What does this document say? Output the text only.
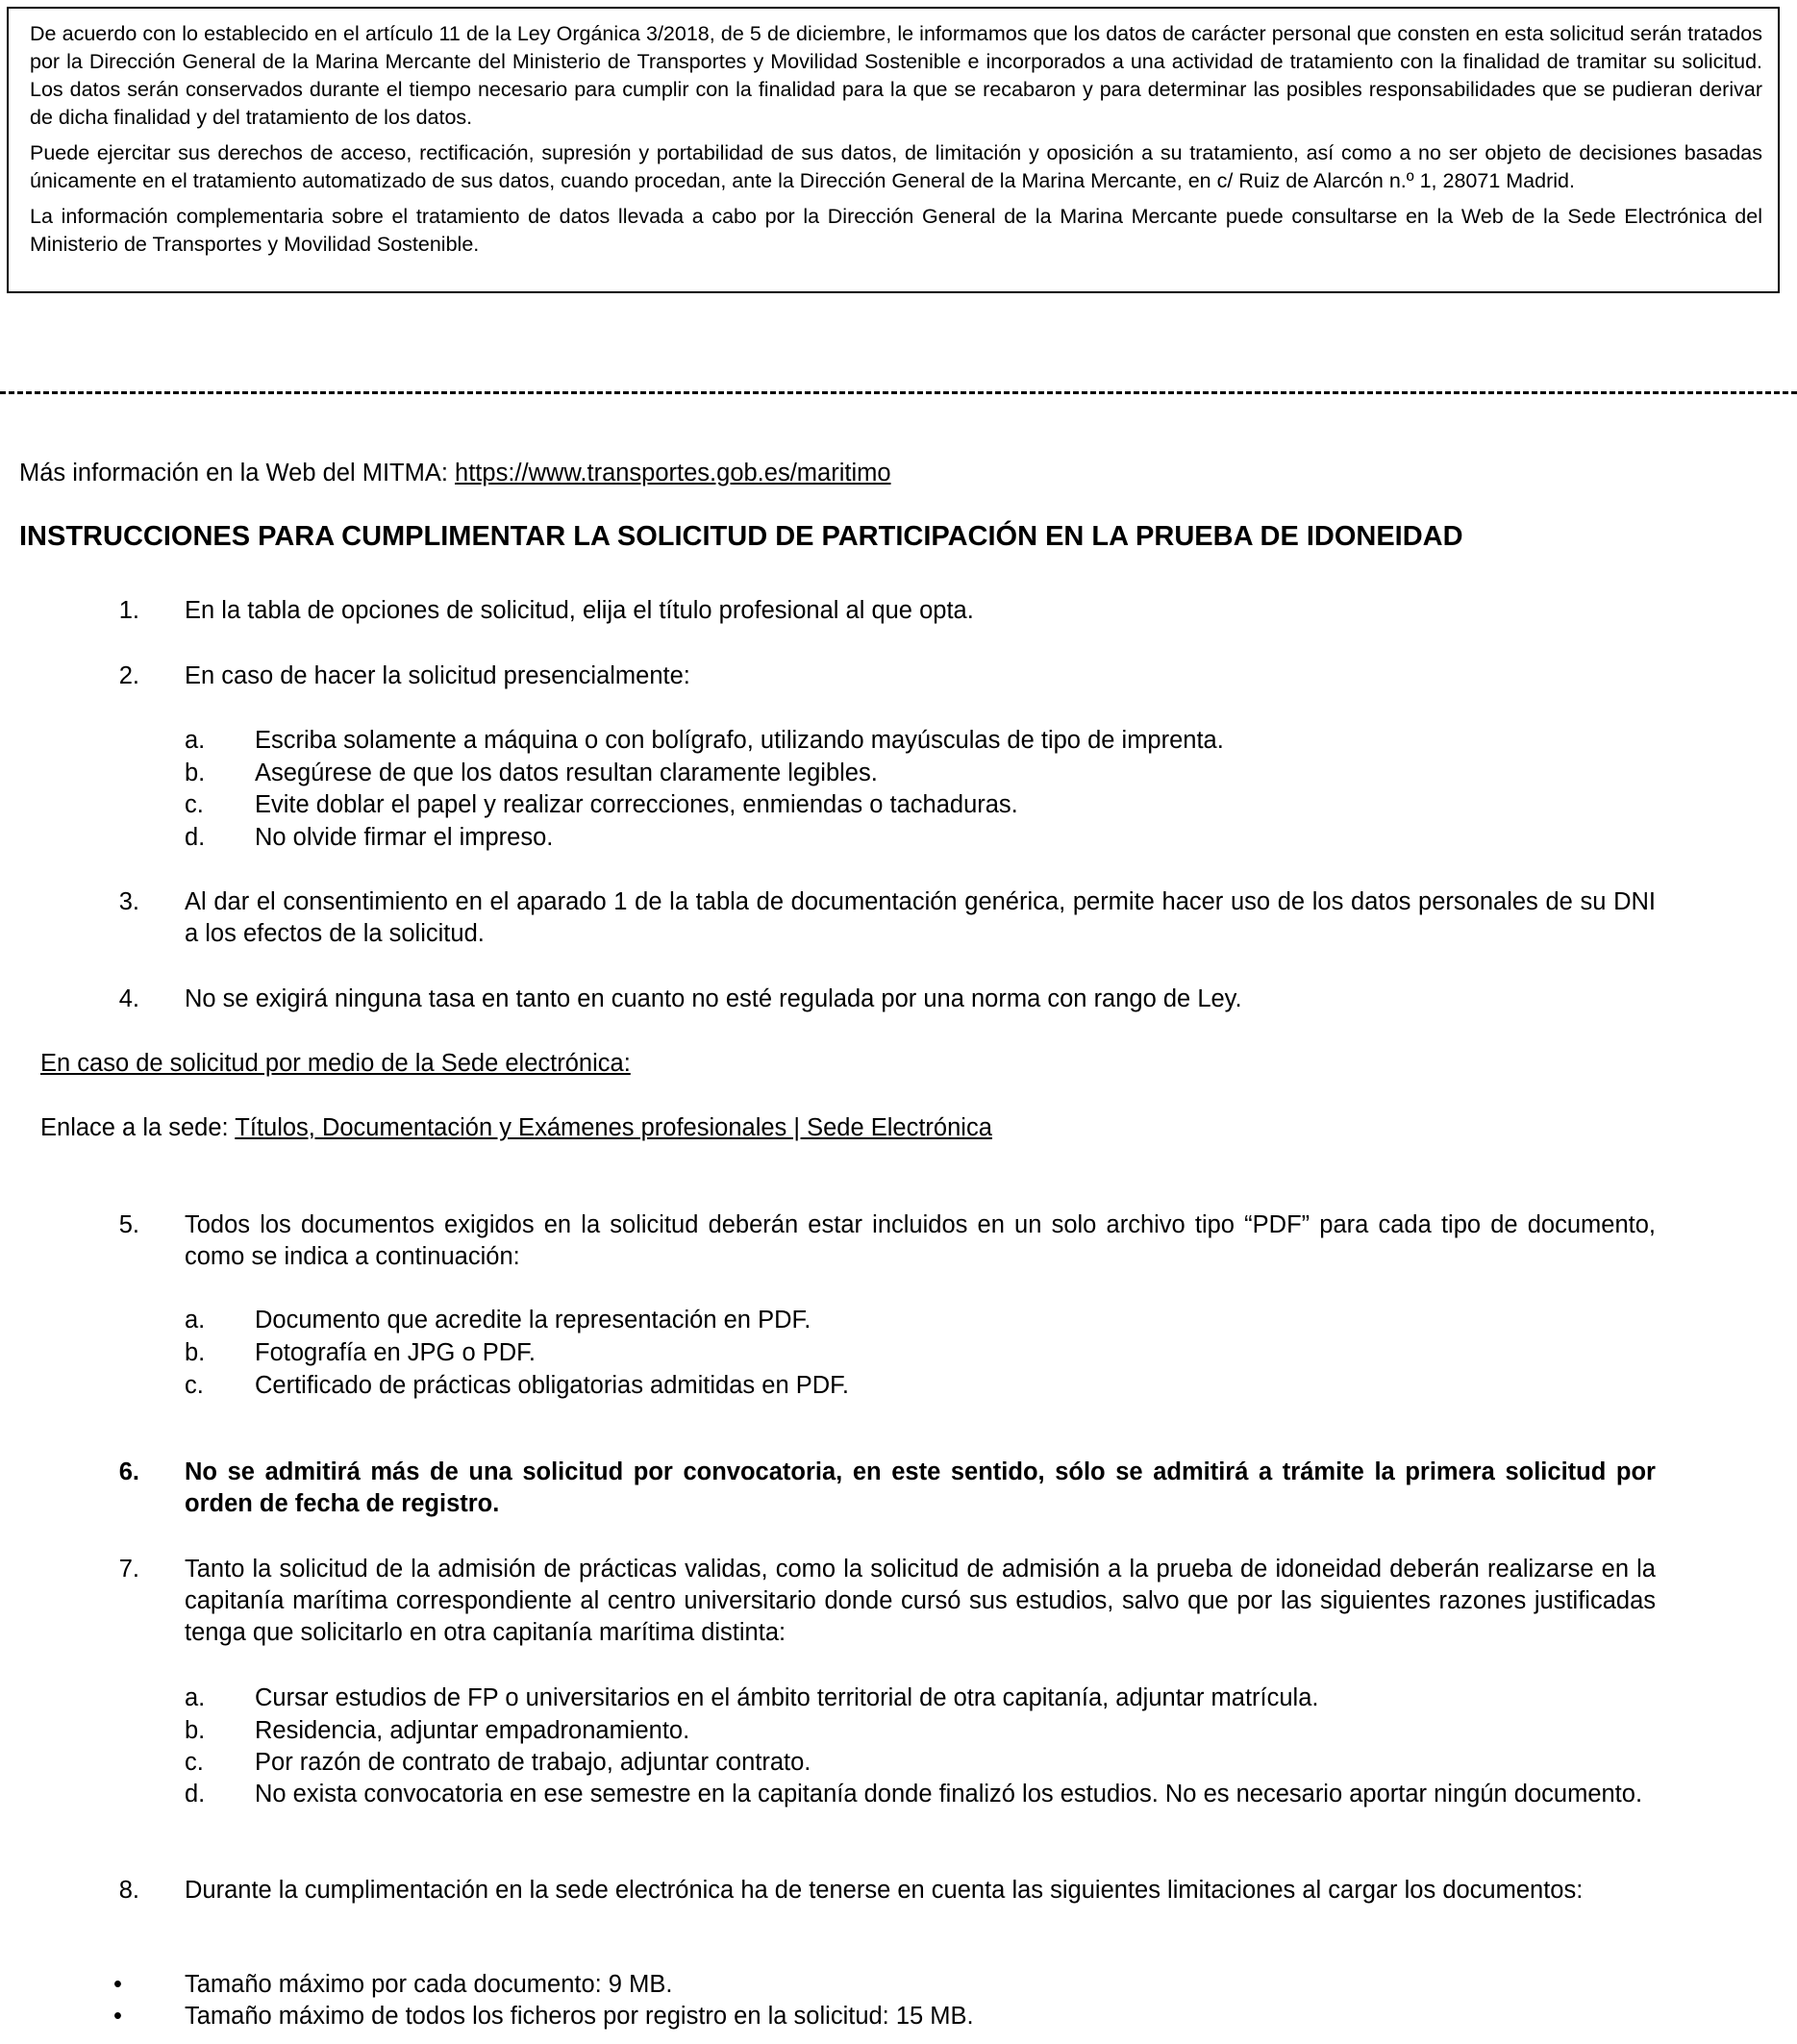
De acuerdo con lo establecido en el artículo 11 de la Ley Orgánica 3/2018, de 5 de diciembre, le informamos que los datos de carácter personal que consten en esta solicitud serán tratados por la Dirección General de la Marina Mercante del Ministerio de Transportes y Movilidad Sostenible e incorporados a una actividad de tratamiento con la finalidad de tramitar su solicitud. Los datos serán conservados durante el tiempo necesario para cumplir con la finalidad para la que se recabaron y para determinar las posibles responsabilidades que se pudieran derivar de dicha finalidad y del tratamiento de los datos.

Puede ejercitar sus derechos de acceso, rectificación, supresión y portabilidad de sus datos, de limitación y oposición a su tratamiento, así como a no ser objeto de decisiones basadas únicamente en el tratamiento automatizado de sus datos, cuando procedan, ante la Dirección General de la Marina Mercante, en c/ Ruiz de Alarcón n.º 1, 28071 Madrid.

La información complementaria sobre el tratamiento de datos llevada a cabo por la Dirección General de la Marina Mercante puede consultarse en la Web de la Sede Electrónica del Ministerio de Transportes y Movilidad Sostenible.

Más información en la Web del MITMA: https://www.transportes.gob.es/maritimo
INSTRUCCIONES PARA CUMPLIMENTAR LA SOLICITUD DE PARTICIPACIÓN EN LA PRUEBA DE IDONEIDAD
1. En la tabla de opciones de solicitud, elija el título profesional al que opta.
2. En caso de hacer la solicitud presencialmente:
a. Escriba solamente a máquina o con bolígrafo, utilizando mayúsculas de tipo de imprenta.
b. Asegúrese de que los datos resultan claramente legibles.
c. Evite doblar el papel y realizar correcciones, enmiendas o tachaduras.
d. No olvide firmar el impreso.
3. Al dar el consentimiento en el aparado 1 de la tabla de documentación genérica, permite hacer uso de los datos personales de su DNI a los efectos de la solicitud.
4. No se exigirá ninguna tasa en tanto en cuanto no esté regulada por una norma con rango de Ley.
En caso de solicitud por medio de la Sede electrónica:
Enlace a la sede: Títulos, Documentación y Exámenes profesionales | Sede Electrónica
5. Todos los documentos exigidos en la solicitud deberán estar incluidos en un solo archivo tipo “PDF” para cada tipo de documento, como se indica a continuación:
a. Documento que acredite la representación en PDF.
b. Fotografía en JPG o PDF.
c. Certificado de prácticas obligatorias admitidas en PDF.
6. No se admitirá más de una solicitud por convocatoria, en este sentido, sólo se admitirá a trámite la primera solicitud por orden de fecha de registro.
7. Tanto la solicitud de la admisión de prácticas validas, como la solicitud de admisión a la prueba de idoneidad deberán realizarse en la capitanía marítima correspondiente al centro universitario donde cursó sus estudios, salvo que por las siguientes razones justificadas tenga que solicitarlo en otra capitanía marítima distinta:
a. Cursar estudios de FP o universitarios en el ámbito territorial de otra capitanía, adjuntar matrícula.
b. Residencia, adjuntar empadronamiento.
c. Por razón de contrato de trabajo, adjuntar contrato.
d. No exista convocatoria en ese semestre en la capitanía donde finalizó los estudios. No es necesario aportar ningún documento.
8. Durante la cumplimentación en la sede electrónica ha de tenerse en cuenta las siguientes limitaciones al cargar los documentos:
•	Tamaño máximo por cada documento: 9 MB.
•	Tamaño máximo de todos los ficheros por registro en la solicitud: 15 MB.
